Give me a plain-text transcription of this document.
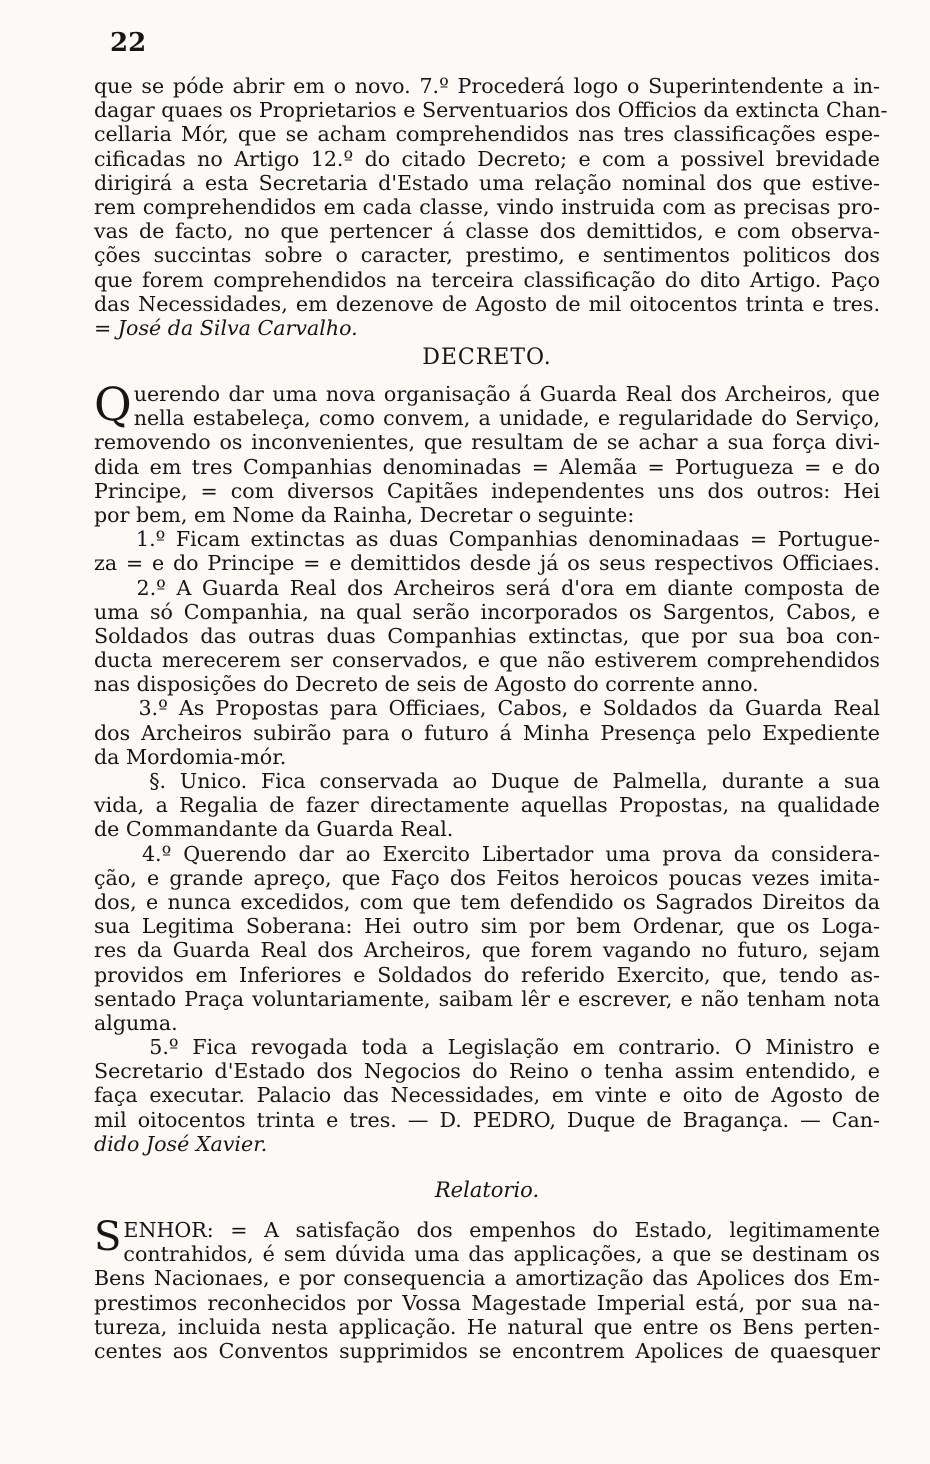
22
que se póde abrir em o novo. 7.º Procederá logo o Superintendente a in-
dagar quaes os Proprietarios e Serventuarios dos Officios da extincta Chan-
cellaria Mór, que se acham comprehendidos nas tres classificações espe-
cificadas no Artigo 12.º do citado Decreto; e com a possivel brevidade
dirigirá a esta Secretaria d'Estado uma relação nominal dos que estive-
rem comprehendidos em cada classe, vindo instruida com as precisas pro-
vas de facto, no que pertencer á classe dos demittidos, e com observa-
ções succintas sobre o caracter, prestimo, e sentimentos politicos dos
que forem comprehendidos na terceira classificação do dito Artigo. Paço
das Necessidades, em dezenove de Agosto de mil oitocentos trinta e tres.
= José da Silva Carvalho.
DECRETO.
Querendo dar uma nova organisação á Guarda Real dos Archeiros, que
nella estabeleça, como convem, a unidade, e regularidade do Serviço,
removendo os inconvenientes, que resultam de se achar a sua força divi-
dida em tres Companhias denominadas = Alemãa = Portugueza = e do
Principe, = com diversos Capitães independentes uns dos outros: Hei
por bem, em Nome da Rainha, Decretar o seguinte:
1.º Ficam extinctas as duas Companhias denominadaas = Portugue-
za = e do Principe = e demittidos desde já os seus respectivos Officiaes.
2.º A Guarda Real dos Archeiros será d'ora em diante composta de
uma só Companhia, na qual serão incorporados os Sargentos, Cabos, e
Soldados das outras duas Companhias extinctas, que por sua boa con-
ducta merecerem ser conservados, e que não estiverem comprehendidos
nas disposições do Decreto de seis de Agosto do corrente anno.
3.º As Propostas para Officiaes, Cabos, e Soldados da Guarda Real
dos Archeiros subirão para o futuro á Minha Presença pelo Expediente
da Mordomia-mór.
§. Unico. Fica conservada ao Duque de Palmella, durante a sua
vida, a Regalia de fazer directamente aquellas Propostas, na qualidade
de Commandante da Guarda Real.
4.º Querendo dar ao Exercito Libertador uma prova da considera-
ção, e grande apreço, que Faço dos Feitos heroicos poucas vezes imita-
dos, e nunca excedidos, com que tem defendido os Sagrados Direitos da
sua Legitima Soberana: Hei outro sim por bem Ordenar, que os Loga-
res da Guarda Real dos Archeiros, que forem vagando no futuro, sejam
providos em Inferiores e Soldados do referido Exercito, que, tendo as-
sentado Praça voluntariamente, saibam lêr e escrever, e não tenham nota
alguma.
5.º Fica revogada toda a Legislação em contrario. O Ministro e
Secretario d'Estado dos Negocios do Reino o tenha assim entendido, e
faça executar. Palacio das Necessidades, em vinte e oito de Agosto de
mil oitocentos trinta e tres. — D. PEDRO, Duque de Bragança. — Can-
dido José Xavier.
Relatorio.
SENHOR: = A satisfação dos empenhos do Estado, legitimamente
contrahidos, é sem dúvida uma das applicações, a que se destinam os
Bens Nacionaes, e por consequencia a amortização das Apolices dos Em-
prestimos reconhecidos por Vossa Magestade Imperial está, por sua na-
tureza, incluida nesta applicação. He natural que entre os Bens perten-
centes aos Conventos supprimidos se encontrem Apolices de quaesquer
